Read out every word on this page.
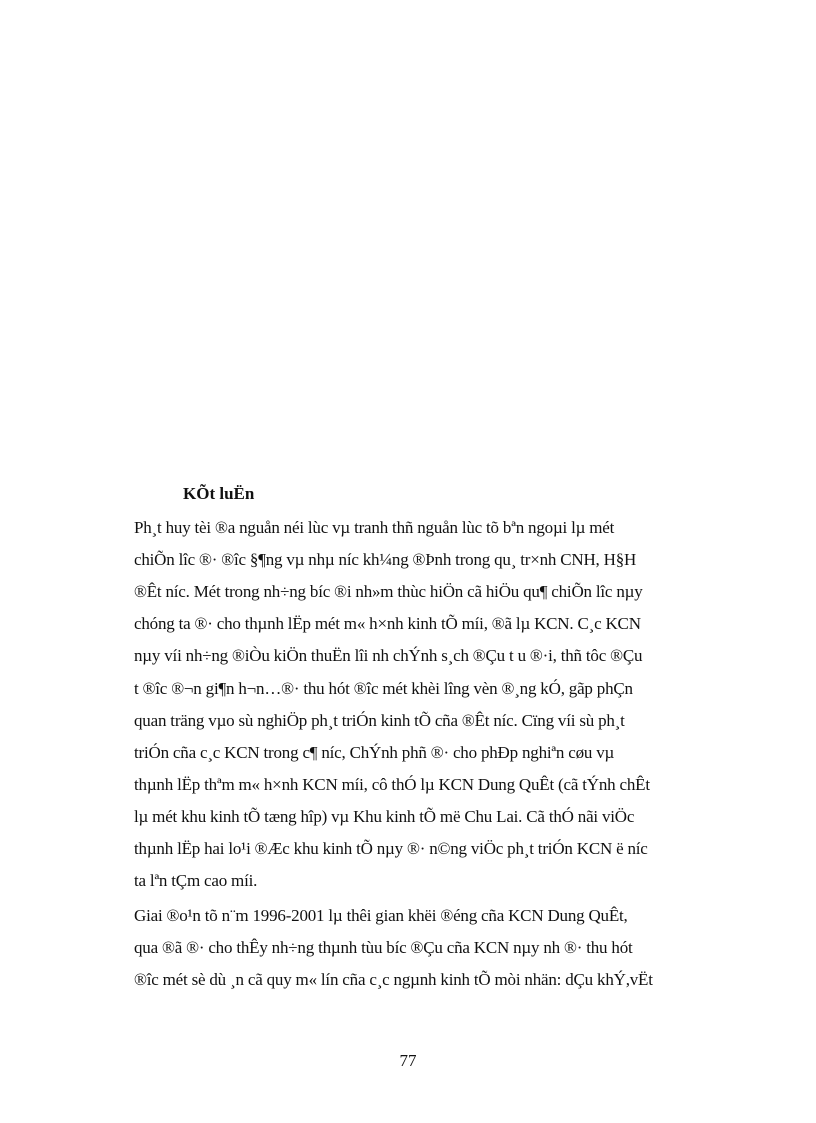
KÕt luËn
Ph¸t huy tèi ®a nguån néi lùc vµ tranh thñ nguån lùc tõ bªn ngoµi lµ mét
chiÕn lîc ®· ®îc §¶ng vµ nhµ níc kh¼ng ®Þnh trong qu¸ tr×nh CNH, H§H
®Êt níc. Mét trong nh÷ng bíc ®i nh»m thùc hiÖn cã hiÖu qu¶ chiÕn lîc nµy
chóng ta ®· cho thµnh lËp mét m« h×nh kinh tÕ míi, ®ã lµ KCN. C¸c KCN
nµy víi nh÷ng ®iÒu kiÖn thuËn lîi nh chÝnh s¸ch ®Çu t u ®·i, thñ tôc ®Çu
t ®îc ®¬n gi¶n h¬n…®· thu hót ®îc mét khèi lîng vèn ®¸ng kÓ, gãp phÇn
quan träng vµo sù nghiÖp ph¸t triÓn kinh tÕ cña ®Êt níc. Cïng víi sù ph¸t
triÓn cña c¸c KCN trong c¶ níc, ChÝnh phñ ®· cho phÐp nghiªn cøu vµ
thµnh lËp thªm m« h×nh KCN míi, cô thÓ lµ KCN Dung QuÊt (cã tÝnh chÊt
lµ mét khu kinh tÕ tæng hîp) vµ Khu kinh tÕ më Chu Lai. Cã thÓ nãi viÖc
thµnh lËp hai lo¹i ®Æc khu kinh tÕ nµy ®· n©ng viÖc ph¸t triÓn KCN ë níc
ta lªn tÇm cao míi.
Giai ®o¹n tõ n¨m 1996-2001 lµ thêi gian khëi ®éng cña KCN Dung QuÊt,
qua ®ã ®· cho thÊy nh÷ng thµnh tùu bíc ®Çu cña KCN nµy nh ®· thu hót
®îc mét sè dù ¸n cã quy m« lín cña c¸c ngµnh kinh tÕ mòi nhän: dÇu khÝ,vËt
77
